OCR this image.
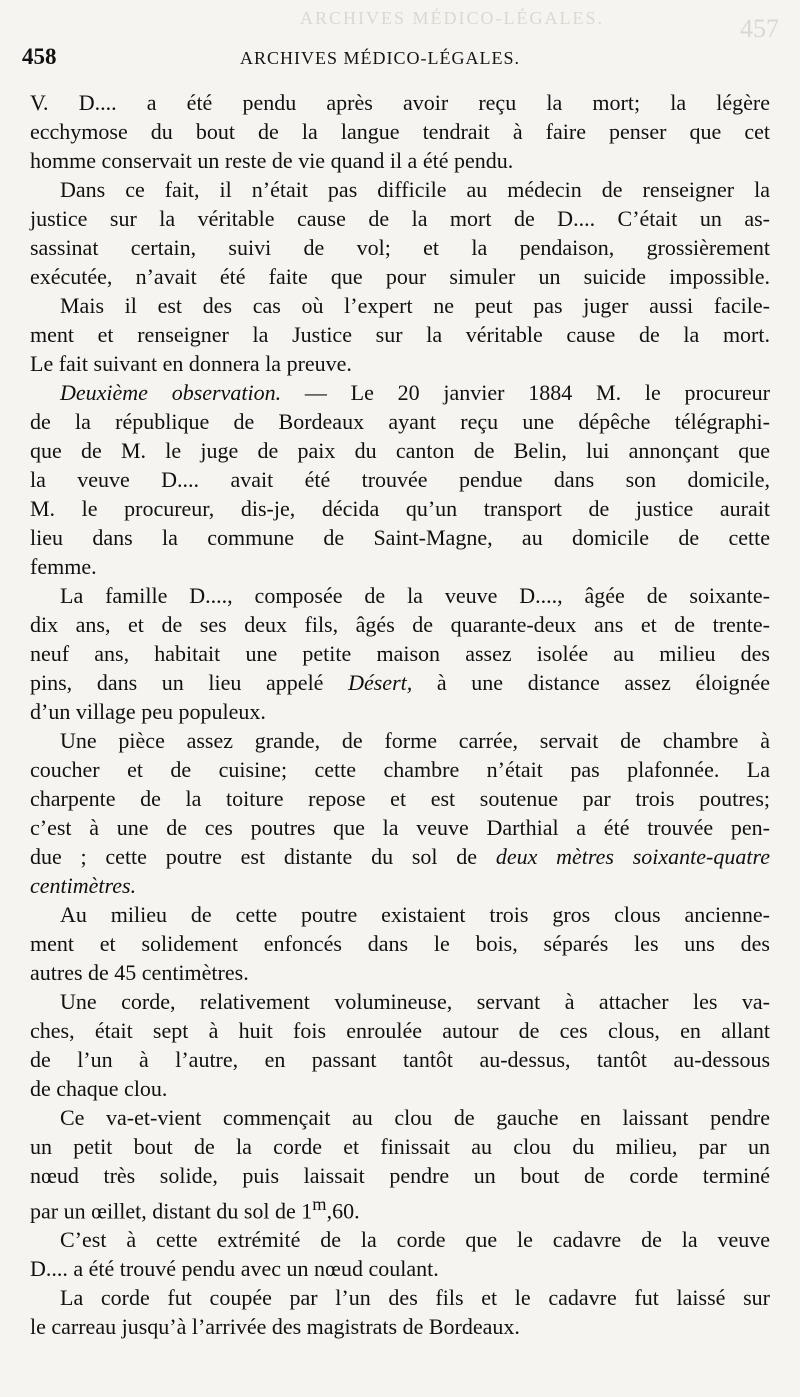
ARCHIVES MÉDICO-LÉGALES.	457
458	ARCHIVES MÉDICO-LÉGALES.
V. D.... a été pendu après avoir reçu la mort; la légère
ecchymose du bout de la langue tendrait à faire penser que cet
homme conservait un reste de vie quand il a été pendu.
Dans ce fait, il n’était pas difficile au médecin de renseigner la
justice sur la véritable cause de la mort de D.... C’était un as-
sassinat certain, suivi de vol; et la pendaison, grossièrement
exécutée, n’avait été faite que pour simuler un suicide impossible.
Mais il est des cas où l’expert ne peut pas juger aussi facile-
ment et renseigner la Justice sur la véritable cause de la mort.
Le fait suivant en donnera la preuve.
Deuxième observation. — Le 20 janvier 1884 M. le procureur
de la république de Bordeaux ayant reçu une dépêche télégraphi-
que de M. le juge de paix du canton de Belin, lui annonçant que
la veuve D.... avait été trouvée pendue dans son domicile,
M. le procureur, dis-je, décida qu’un transport de justice aurait
lieu dans la commune de Saint-Magne, au domicile de cette
femme.
La famille D...., composée de la veuve D...., âgée de soixante-
dix ans, et de ses deux fils, âgés de quarante-deux ans et de trente-
neuf ans, habitait une petite maison assez isolée au milieu des
pins, dans un lieu appelé Désert, à une distance assez éloignée
d’un village peu populeux.
Une pièce assez grande, de forme carrée, servait de chambre à
coucher et de cuisine; cette chambre n’était pas plafonnée. La
charpente de la toiture repose et est soutenue par trois poutres;
c’est à une de ces poutres que la veuve Darthial a été trouvée pen-
due ; cette poutre est distante du sol de deux mètres soixante-quatre
centimètres.
Au milieu de cette poutre existaient trois gros clous ancienne-
ment et solidement enfoncés dans le bois, séparés les uns des
autres de 45 centimètres.
Une corde, relativement volumineuse, servant à attacher les va-
ches, était sept à huit fois enroulée autour de ces clous, en allant
de l’un à l’autre, en passant tantôt au-dessus, tantôt au-dessous
de chaque clou.
Ce va-et-vient commençait au clou de gauche en laissant pendre
un petit bout de la corde et finissait au clou du milieu, par un
nœud très solide, puis laissait pendre un bout de corde terminé
par un œillet, distant du sol de 1$^m$,60.
C’est à cette extrémité de la corde que le cadavre de la veuve
D.... a été trouvé pendu avec un nœud coulant.
La corde fut coupée par l’un des fils et le cadavre fut laissé sur
le carreau jusqu’à l’arrivée des magistrats de Bordeaux.
